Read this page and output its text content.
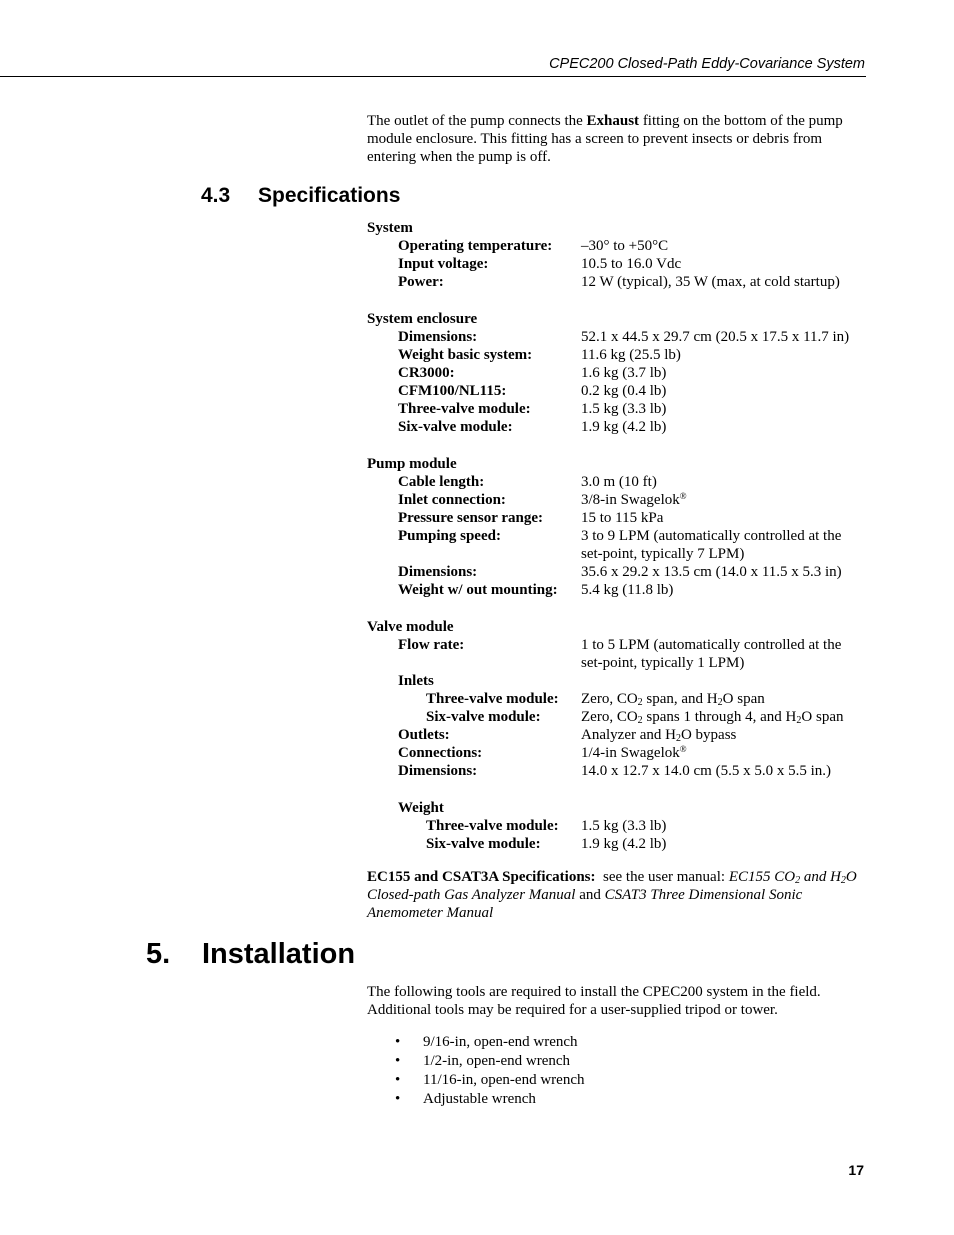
CPEC200 Closed-Path Eddy-Covariance System

The outlet of the pump connects the Exhaust fitting on the bottom of the pump module enclosure. This fitting has a screen to prevent insects or debris from entering when the pump is off.

4.3 Specifications
System
Operating temperature: –30° to +50°C
Input voltage:	10.5 to 16.0 Vdc
Power:	12 W (typical), 35 W (max, at cold startup)
System enclosure
Dimensions:	52.1 x 44.5 x 29.7 cm (20.5 x 17.5 x 11.7 in)
Weight basic system:	11.6 kg (25.5 lb)
CR3000:	1.6 kg (3.7 lb)
CFM100/NL115:	0.2 kg (0.4 lb)
Three-valve module:	1.5 kg (3.3 lb)
Six-valve module:	1.9 kg (4.2 lb)
Pump module
Cable length:	3.0 m (10 ft)
Inlet connection:	3/8-in Swagelok®
Pressure sensor range:	15 to 115 kPa
Pumping speed:	3 to 9 LPM (automatically controlled at the
set-point, typically 7 LPM)
Dimensions:	35.6 x 29.2 x 13.5 cm (14.0 x 11.5 x 5.3 in)
Weight w/ out mounting: 5.4 kg (11.8 lb)
Valve module
Flow rate:	1 to 5 LPM (automatically controlled at the
set-point, typically 1 LPM)
Inlets
Three-valve module: Zero, $CO_2$ span, and $H_2O$ span
Six-valve module:	Zero, $CO_2$ spans 1 through 4, and $H_2O$ span
Outlets:	Analyzer and $H_2O$ bypass
Connections:	1/4-in Swagelok®
Dimensions:	14.0 x 12.7 x 14.0 cm (5.5 x 5.0 x 5.5 in.)
Weight
Three-valve module: 1.5 kg (3.3 lb)
Six-valve module:	1.9 kg (4.2 lb)

EC155 and CSAT3A Specifications:  see the user manual: EC155 $CO_2$ and $H_2O$ Closed-path Gas Analyzer Manual and CSAT3 Three Dimensional Sonic Anemometer Manual

5. Installation

The following tools are required to install the CPEC200 system in the field. Additional tools may be required for a user-supplied tripod or tower.

• 9/16-in, open-end wrench
• 1/2-in, open-end wrench
• 11/16-in, open-end wrench
• Adjustable wrench
17
